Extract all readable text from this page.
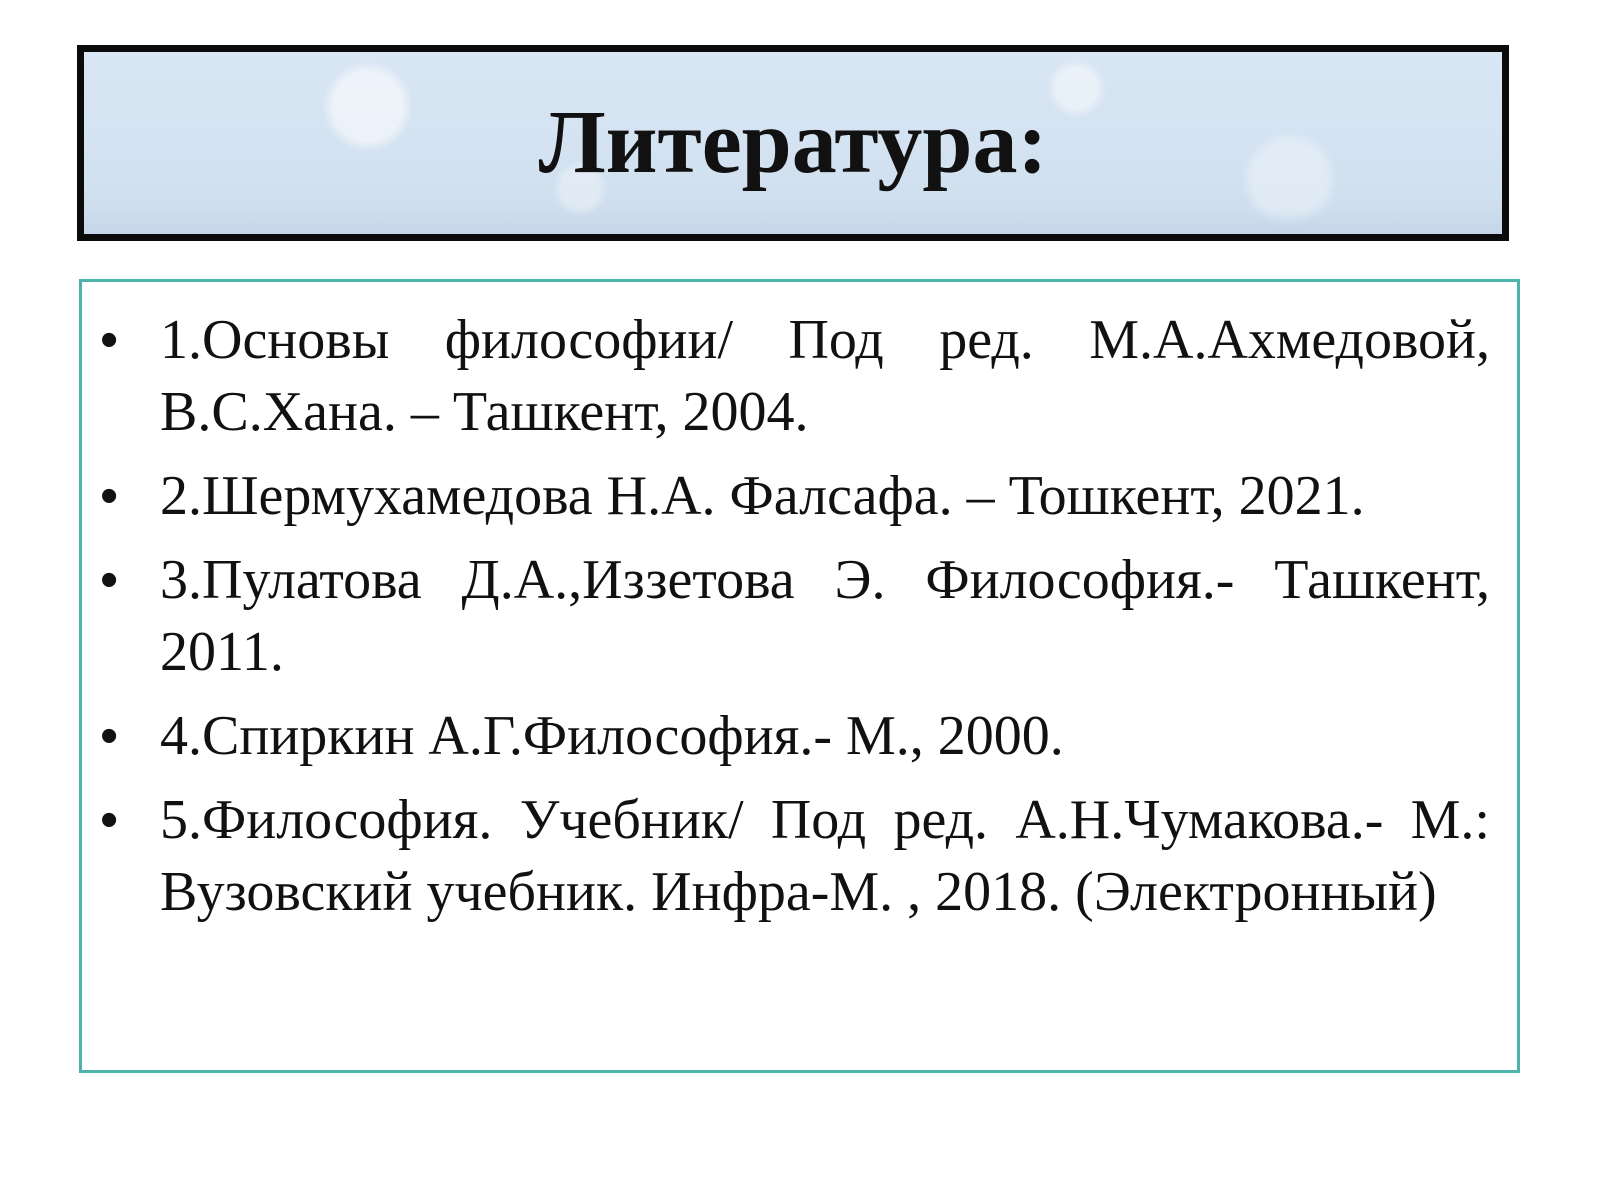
Литература:
• 1.Основы философии/ Под ред. М.А.Ахмедовой, В.С.Хана. – Ташкент, 2004.
• 2.Шермухамедова Н.А. Фалсафа. – Тошкент, 2021.
• 3.Пулатова Д.А.,Иззетова Э. Философия.- Ташкент, 2011.
• 4.Спиркин А.Г.Философия.- М., 2000.
• 5.Философия. Учебник/ Под ред. А.Н.Чумакова.- М.: Вузовский учебник. Инфра-М. , 2018. (Электронный)
